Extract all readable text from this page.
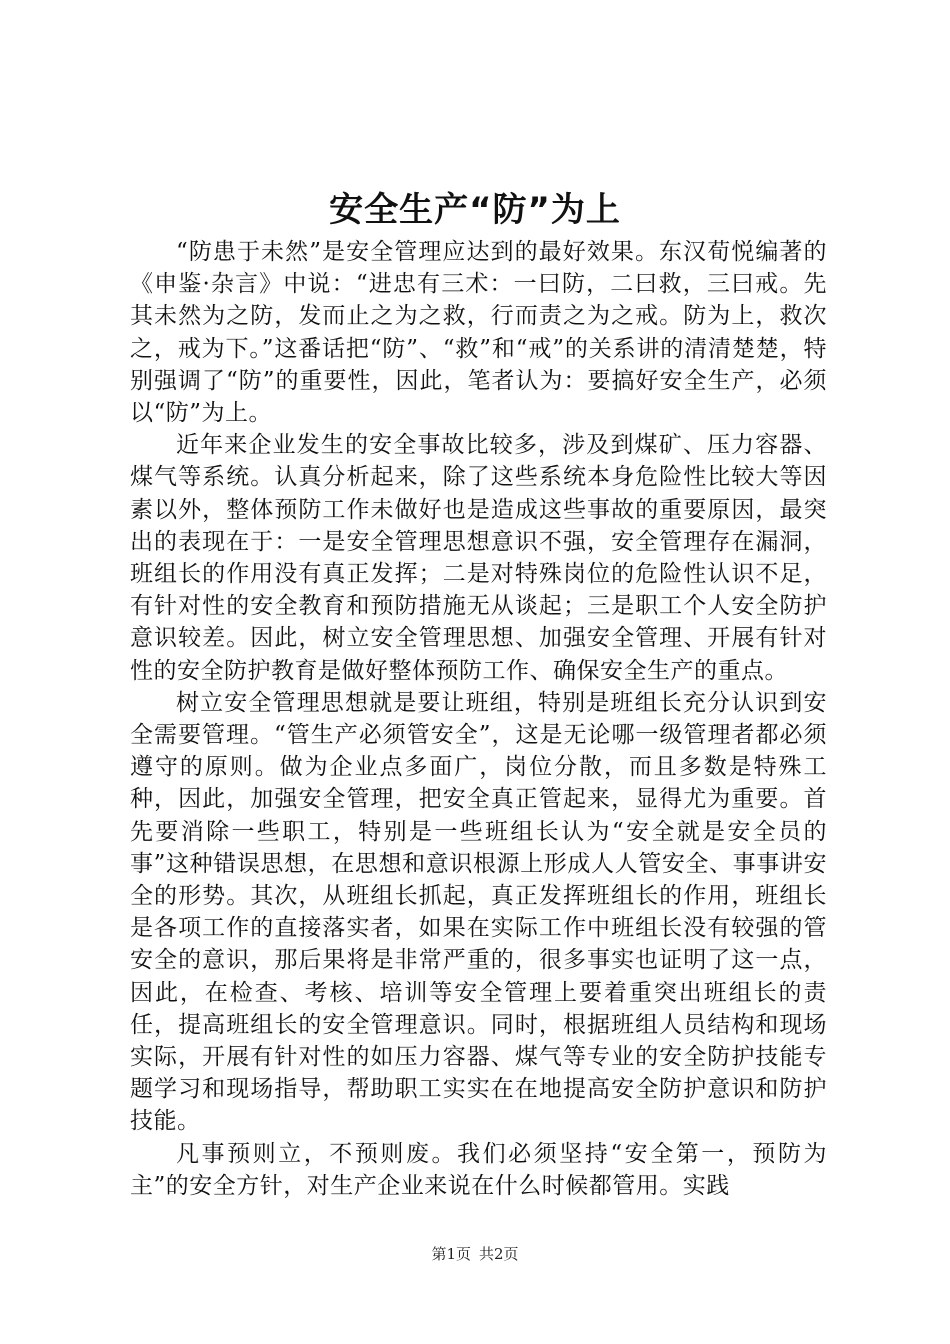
安全生产“防”为上

“防患于未然”是安全管理应达到的最好效果。东汉荀悦编著的《申鉴·杂言》中说：“进忠有三术：一曰防，二曰救，三曰戒。先其未然为之防，发而止之为之救，行而责之为之戒。防为上，救次之，戒为下。”这番话把“防”、“救”和“戒”的关系讲的清清楚楚，特别强调了“防”的重要性，因此，笔者认为：要搞好安全生产，必须以“防”为上。

近年来企业发生的安全事故比较多，涉及到煤矿、压力容器、煤气等系统。认真分析起来，除了这些系统本身危险性比较大等因素以外，整体预防工作未做好也是造成这些事故的重要原因，最突出的表现在于：一是安全管理思想意识不强，安全管理存在漏洞，班组长的作用没有真正发挥；二是对特殊岗位的危险性认识不足，有针对性的安全教育和预防措施无从谈起；三是职工个人安全防护意识较差。因此，树立安全管理思想、加强安全管理、开展有针对性的安全防护教育是做好整体预防工作、确保安全生产的重点。

树立安全管理思想就是要让班组，特别是班组长充分认识到安全需要管理。“管生产必须管安全”，这是无论哪一级管理者都必须遵守的原则。做为企业点多面广，岗位分散，而且多数是特殊工种，因此，加强安全管理，把安全真正管起来，显得尤为重要。首先要消除一些职工，特别是一些班组长认为“安全就是安全员的事”这种错误思想，在思想和意识根源上形成人人管安全、事事讲安全的形势。其次，从班组长抓起，真正发挥班组长的作用，班组长是各项工作的直接落实者，如果在实际工作中班组长没有较强的管安全的意识，那后果将是非常严重的，很多事实也证明了这一点，因此，在检查、考核、培训等安全管理上要着重突出班组长的责任，提高班组长的安全管理意识。同时，根据班组人员结构和现场实际，开展有针对性的如压力容器、煤气等专业的安全防护技能专题学习和现场指导，帮助职工实实在在地提高安全防护意识和防护技能。

凡事预则立，不预则废。我们必须坚持“安全第一，预防为主”的安全方针，对生产企业来说在什么时候都管用。实践

第1页 共2页
